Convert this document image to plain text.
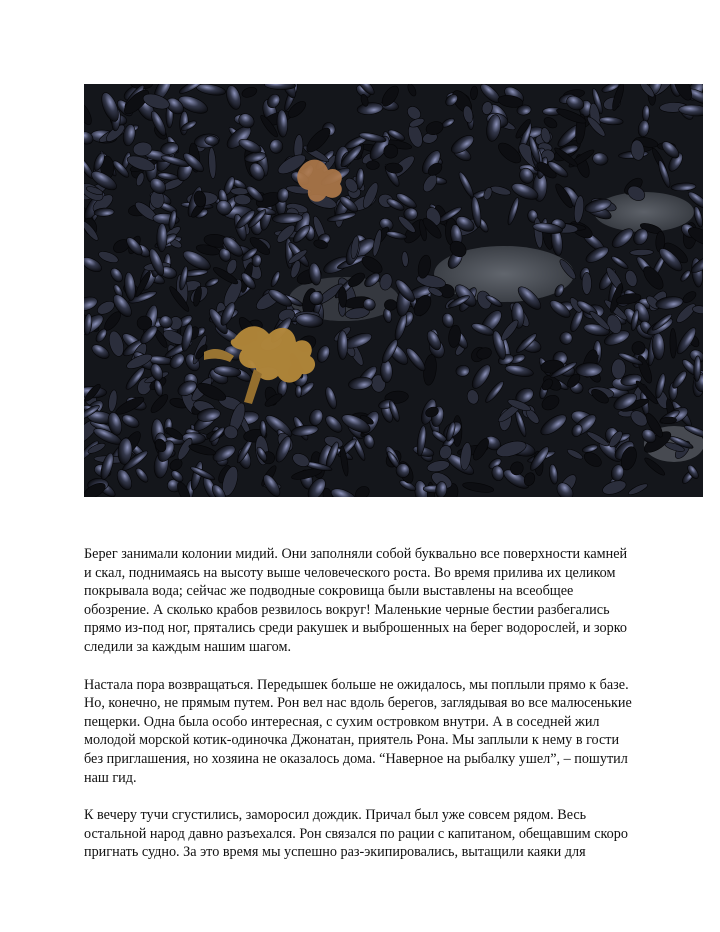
Берег занимали колонии мидий. Они заполняли собой буквально все поверхности камней
и скал, поднимаясь на высоту выше человеческого роста. Во время прилива их целиком
покрывала вода; сейчас же подводные сокровища были выставлены на всеобщее
обозрение. А сколько крабов резвилось вокруг! Маленькие черные бестии разбегались
прямо из-под ног, прятались среди ракушек и выброшенных на берег водорослей, и зорко
следили за каждым нашим шагом.

Настала пора возвращаться. Передышек больше не ожидалось, мы поплыли прямо к базе.
Но, конечно, не прямым путем. Рон вел нас вдоль берегов, заглядывая во все малюсенькие
пещерки. Одна была особо интересная, с сухим островком внутри. А в соседней жил
молодой морской котик-одиночка Джонатан, приятель Рона. Мы заплыли к нему в гости
без приглашения, но хозяина не оказалось дома. “Наверное на рыбалку ушел”, – пошутил
наш гид.

К вечеру тучи сгустились, заморосил дождик. Причал был уже совсем рядом. Весь
остальной народ давно разъехался. Рон связался по рации с капитаном, обещавшим скоро
пригнать судно. За это время мы успешно раз-экипировались, вытащили каяки для
